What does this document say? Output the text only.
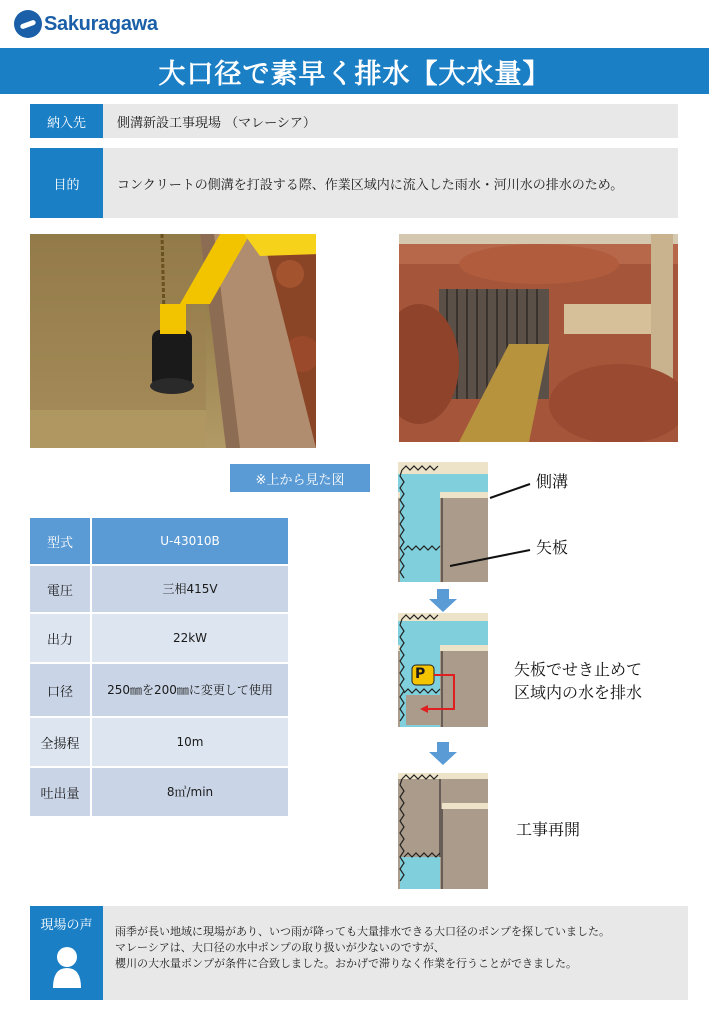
Sakuragawa
大口径で素早く排水【大水量】
納入先	側溝新設工事現場 （マレーシア）
目的	コンクリートの側溝を打設する際、作業区域内に流入した雨水・河川水の排水のため。
※上から見た図
型式	U-43010B
電圧	三相415V
出力	22kW
口径	250㎜を200㎜に 変更して使用
全揚程	10m
吐出量	8㎥/min
側溝
矢板
P	矢板でせき止めて
区域内の水を排水
工事再開
現場の声	雨季が長い地域に現場があり、いつ雨が降っても大量排水できる大口径のポンプを探していました。
マレーシアは、大口径の水中ポンプの取り扱いが少ないのですが、
櫻川の大水量ポンプが条件に合致しました。おかげで滞りなく作業を行うことができました。
